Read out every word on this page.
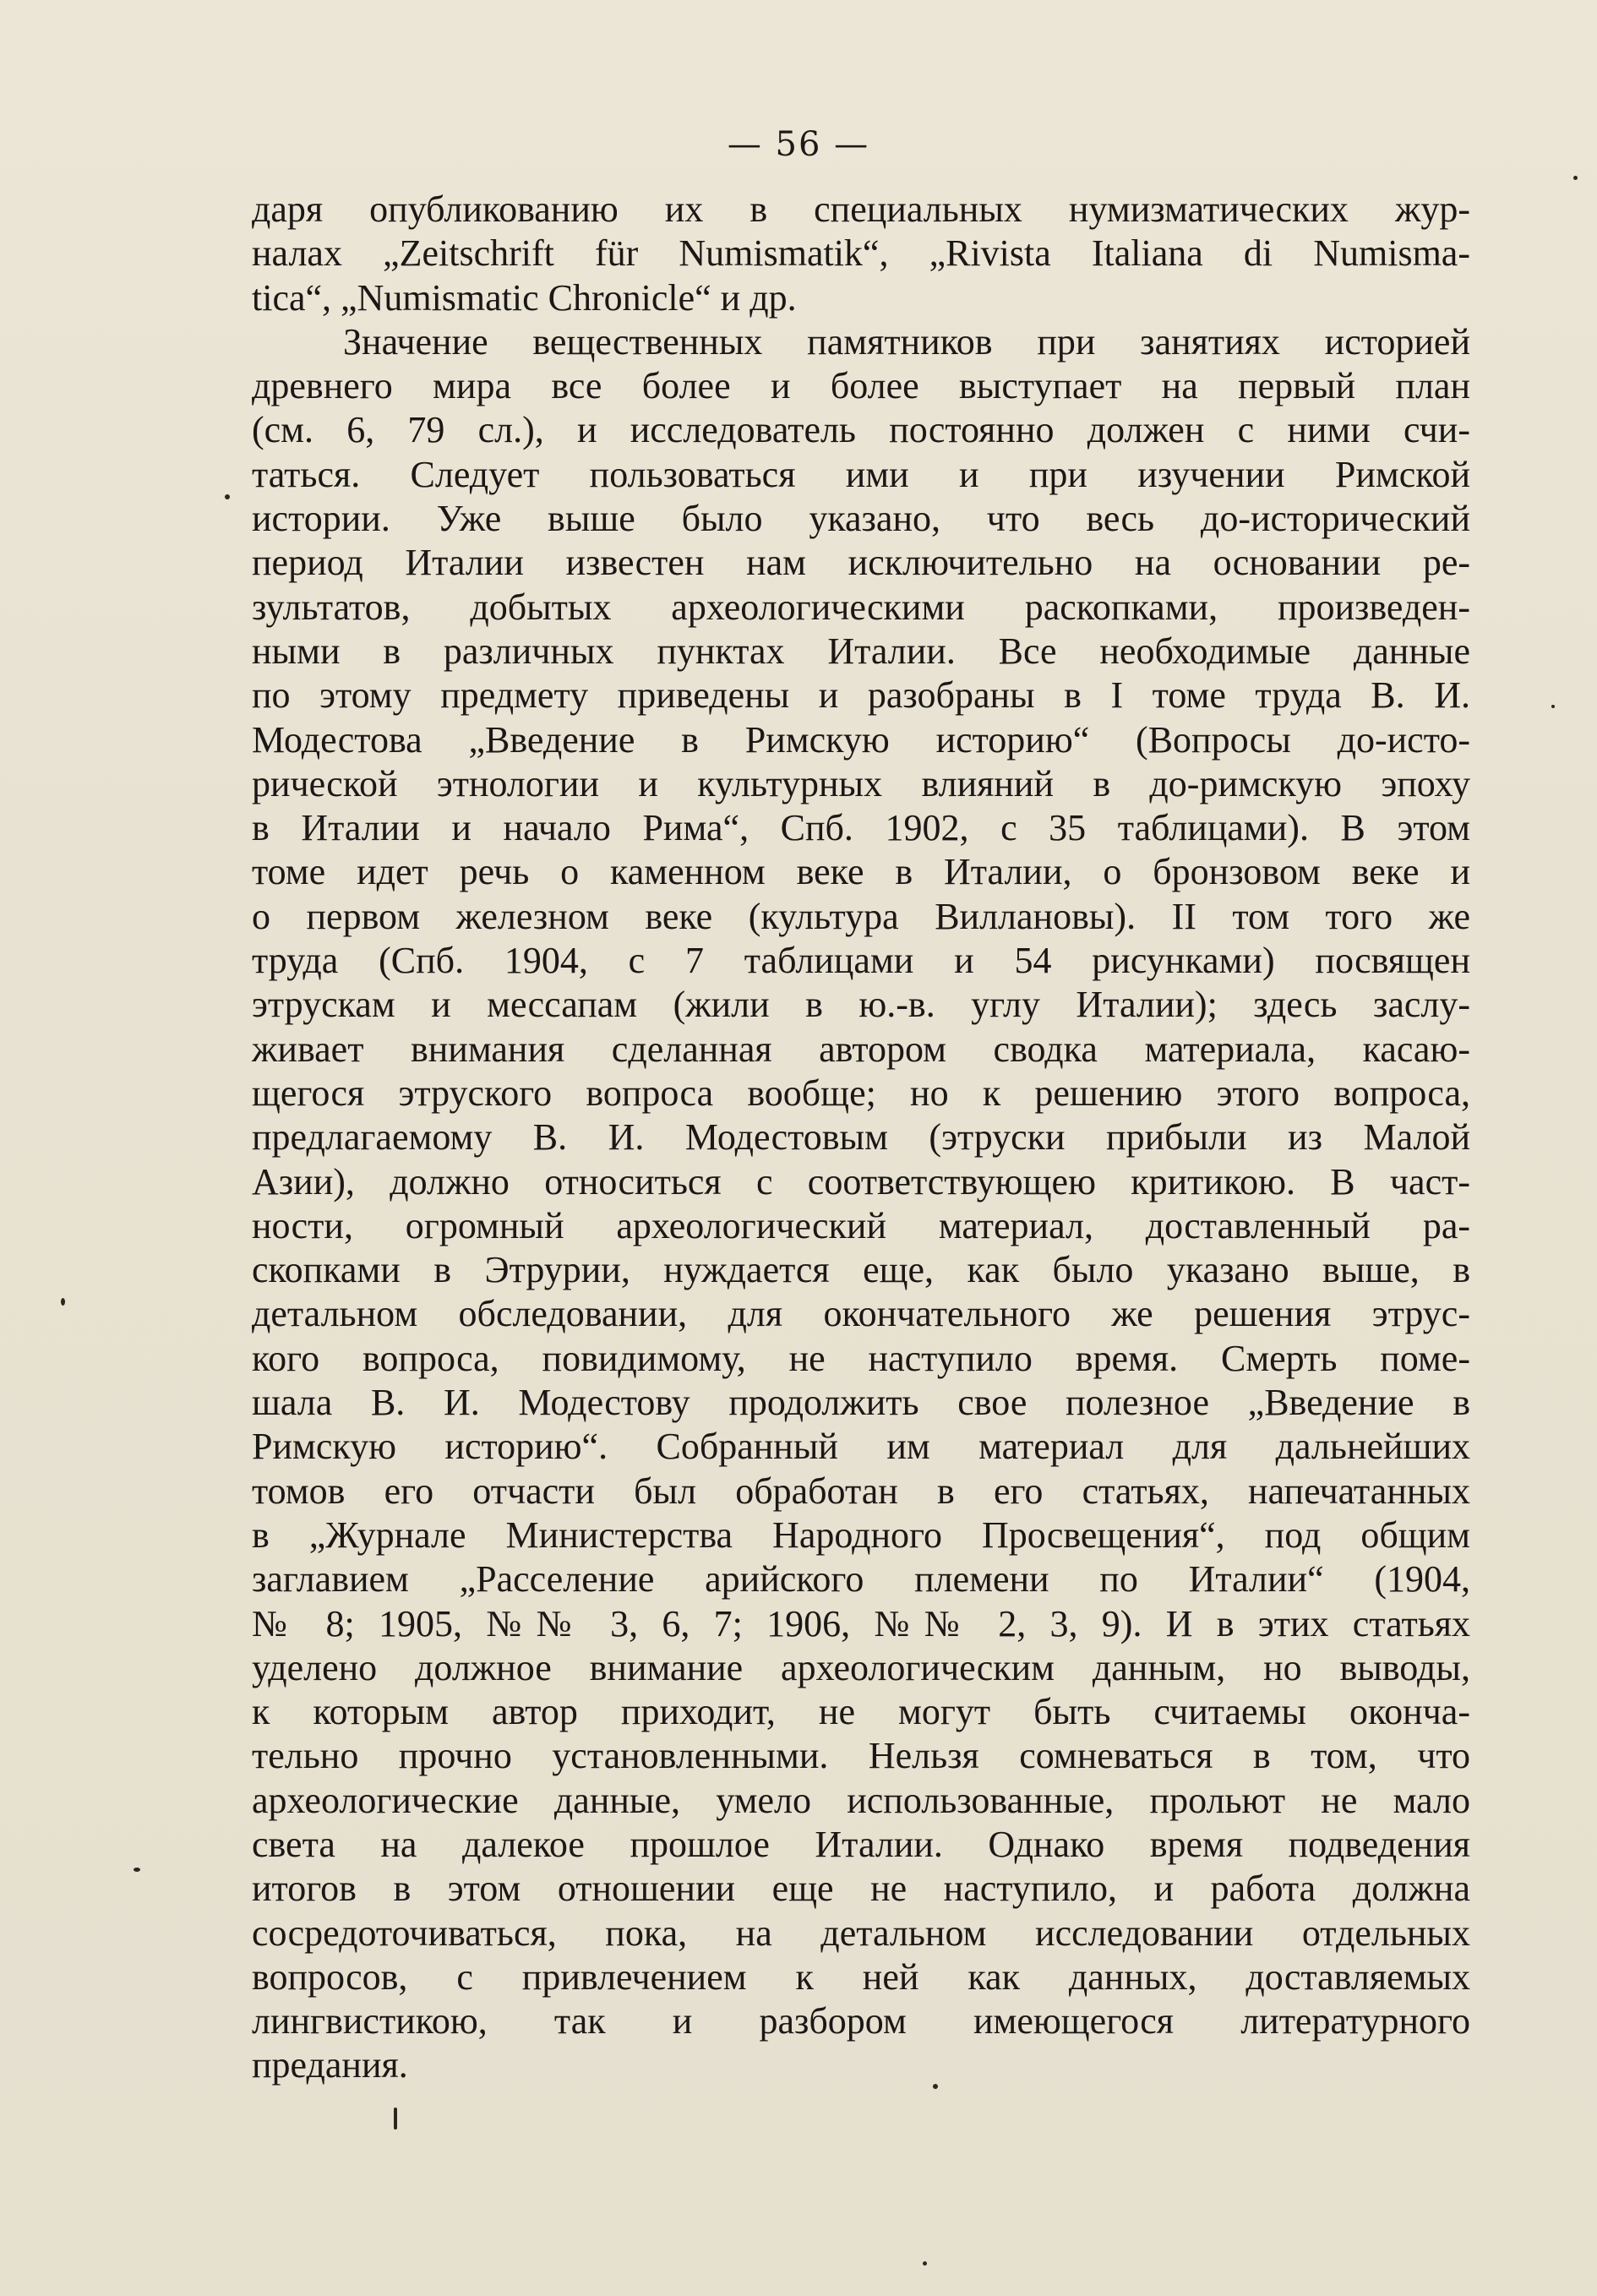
— 56 —
даря опубликованию их в специальных нумизматических жур-
налах „Zeitschrift für Numismatik“, „Rivista Italiana di Numisma-
tica“, „Numismatic Chronicle“ и др.
Значение вещественных памятников при занятиях историей
древнего мира все более и более выступает на первый план
(см. 6, 79 сл.), и исследователь постоянно должен с ними счи-
таться. Следует пользоваться ими и при изучении Римской
истории. Уже выше было указано, что весь до-исторический
период Италии известен нам исключительно на основании ре-
зультатов, добытых археологическими раскопками, произведен-
ными в различных пунктах Италии. Все необходимые данные
по этому предмету приведены и разобраны в I томе труда В. И.
Модестова „Введение в Римскую историю“ (Вопросы до-исто-
рической этнологии и культурных влияний в до-римскую эпоху
в Италии и начало Рима“, Спб. 1902, с 35 таблицами). В этом
томе идет речь о каменном веке в Италии, о бронзовом веке и
о первом железном веке (культура Виллановы). II том того же
труда (Спб. 1904, с 7 таблицами и 54 рисунками) посвящен
этрускам и мессапам (жили в ю.-в. углу Италии); здесь заслу-
живает внимания сделанная автором сводка материала, касаю-
щегося этруского вопроса вообще; но к решению этого вопроса,
предлагаемому В. И. Модестовым (этруски прибыли из Малой
Азии), должно относиться с соответствующею критикою. В част-
ности, огромный археологический материал, доставленный ра-
скопками в Этрурии, нуждается еще, как было указано выше, в
детальном обследовании, для окончательного же решения этрус-
кого вопроса, повидимому, не наступило время. Смерть поме-
шала В. И. Модестову продолжить свое полезное „Введение в
Римскую историю“. Собранный им материал для дальнейших
томов его отчасти был обработан в его статьях, напечатанных
в „Журнале Министерства Народного Просвещения“, под общим
заглавием „Расселение арийского племени по Италии“ (1904,
№ 8; 1905, №№ 3, 6, 7; 1906, №№ 2, 3, 9). И в этих статьях
уделено должное внимание археологическим данным, но выводы,
к которым автор приходит, не могут быть считаемы оконча-
тельно прочно установленными. Нельзя сомневаться в том, что
археологические данные, умело использованные, прольют не мало
света на далекое прошлое Италии. Однако время подведения
итогов в этом отношении еще не наступило, и работа должна
сосредоточиваться, пока, на детальном исследовании отдельных
вопросов, с привлечением к ней как данных, доставляемых
лингвистикою, так и разбором имеющегося литературного
предания.
